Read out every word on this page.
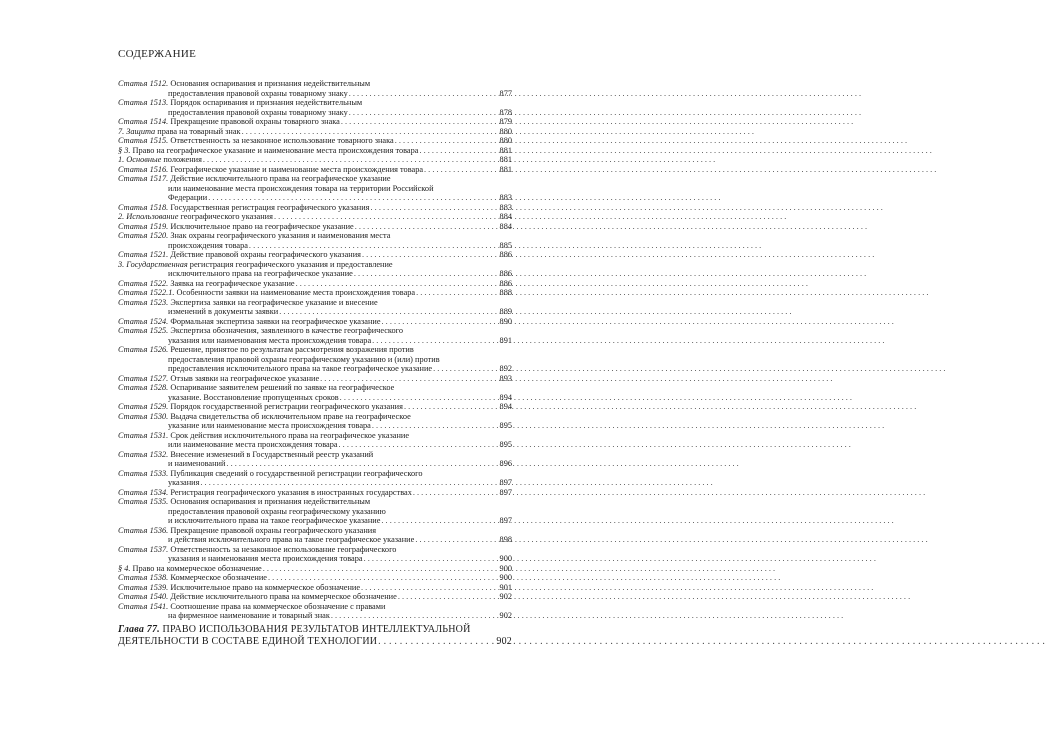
СОДЕРЖАНИЕ
Статья 1512. Основания оспаривания и признания недействительным
предоставления правовой охраны товарному знаку . . .	877
Статья 1513. Порядок оспаривания и признания недействительным
предоставления правовой охраны товарному знаку . . .	878
Статья 1514. Прекращение правовой охраны товарного знака . . .	879
7. Защита права на товарный знак . . .	880
Статья 1515. Ответственность за незаконное использование товарного знака . . .	880
§ 3. Право на географическое указание и наименование места происхождения товара . . .	881
1. Основные положения . . .	881
Статья 1516. Географическое указание и наименование места происхождения товара . . .	881
Статья 1517. Действие исключительного права на географическое указание
или наименование места происхождения товара на территории Российской
Федерации . . .	883
Статья 1518. Государственная регистрация географического указания . . .	883
2. Использование географического указания . . .	884
Статья 1519. Исключительное право на географическое указание . . .	884
Статья 1520. Знак охраны географического указания и наименования места
происхождения товара . . .	885
Статья 1521. Действие правовой охраны географического указания . . .	886
3. Государственная регистрация географического указания и предоставление
исключительного права на географическое указание . . .	886
Статья 1522. Заявка на географическое указание . . .	886
Статья 1522.1. Особенности заявки на наименование места происхождения товара . . .	888
Статья 1523. Экспертиза заявки на географическое указание и внесение
изменений в документы заявки . . .	889
Статья 1524. Формальная экспертиза заявки на географическое указание . . .	890
Статья 1525. Экспертиза обозначения, заявленного в качестве географического
указания или наименования места происхождения товара . . .	891
Статья 1526. Решение, принятое по результатам рассмотрения возражения против
предоставления правовой охраны географическому указанию и (или) против
предоставления исключительного права на такое географическое указание . . .	892
Статья 1527. Отзыв заявки на географическое указание . . .	893
Статья 1528. Оспаривание заявителем решений по заявке на географическое
указание. Восстановление пропущенных сроков . . .	894
Статья 1529. Порядок государственной регистрации географического указания . . .	894
Статья 1530. Выдача свидетельства об исключительном праве на географическое
указание или наименование места происхождения товара . . .	895
Статья 1531. Срок действия исключительного права на географическое указание
или наименование места происхождения товара . . .	895
Статья 1532. Внесение изменений в Государственный реестр указаний
и наименований . . .	896
Статья 1533. Публикация сведений о государственной регистрации географического
указания . . .	897
Статья 1534. Регистрация географического указания в иностранных государствах . . .	897
Статья 1535. Основания оспаривания и признания недействительным
предоставления правовой охраны географическому указанию
и исключительного права на такое географическое указание . . .	897
Статья 1536. Прекращение правовой охраны географического указания
и действия исключительного права на такое географическое указание . . .	898
Статья 1537. Ответственность за незаконное использование географического
указания и наименования места происхождения товара . . .	900
§ 4. Право на коммерческое обозначение . . .	900
Статья 1538. Коммерческое обозначение . . .	900
Статья 1539. Исключительное право на коммерческое обозначение . . .	901
Статья 1540. Действие исключительного права на коммерческое обозначение . . .	902
Статья 1541. Соотношение права на коммерческое обозначение с правами
на фирменное наименование и товарный знак . . .	902
Глава 77. ПРАВО ИСПОЛЬЗОВАНИЯ РЕЗУЛЬТАТОВ ИНТЕЛЛЕКТУАЛЬНОЙ
ДЕЯТЕЛЬНОСТИ В СОСТАВЕ ЕДИНОЙ ТЕХНОЛОГИИ . . .	902
